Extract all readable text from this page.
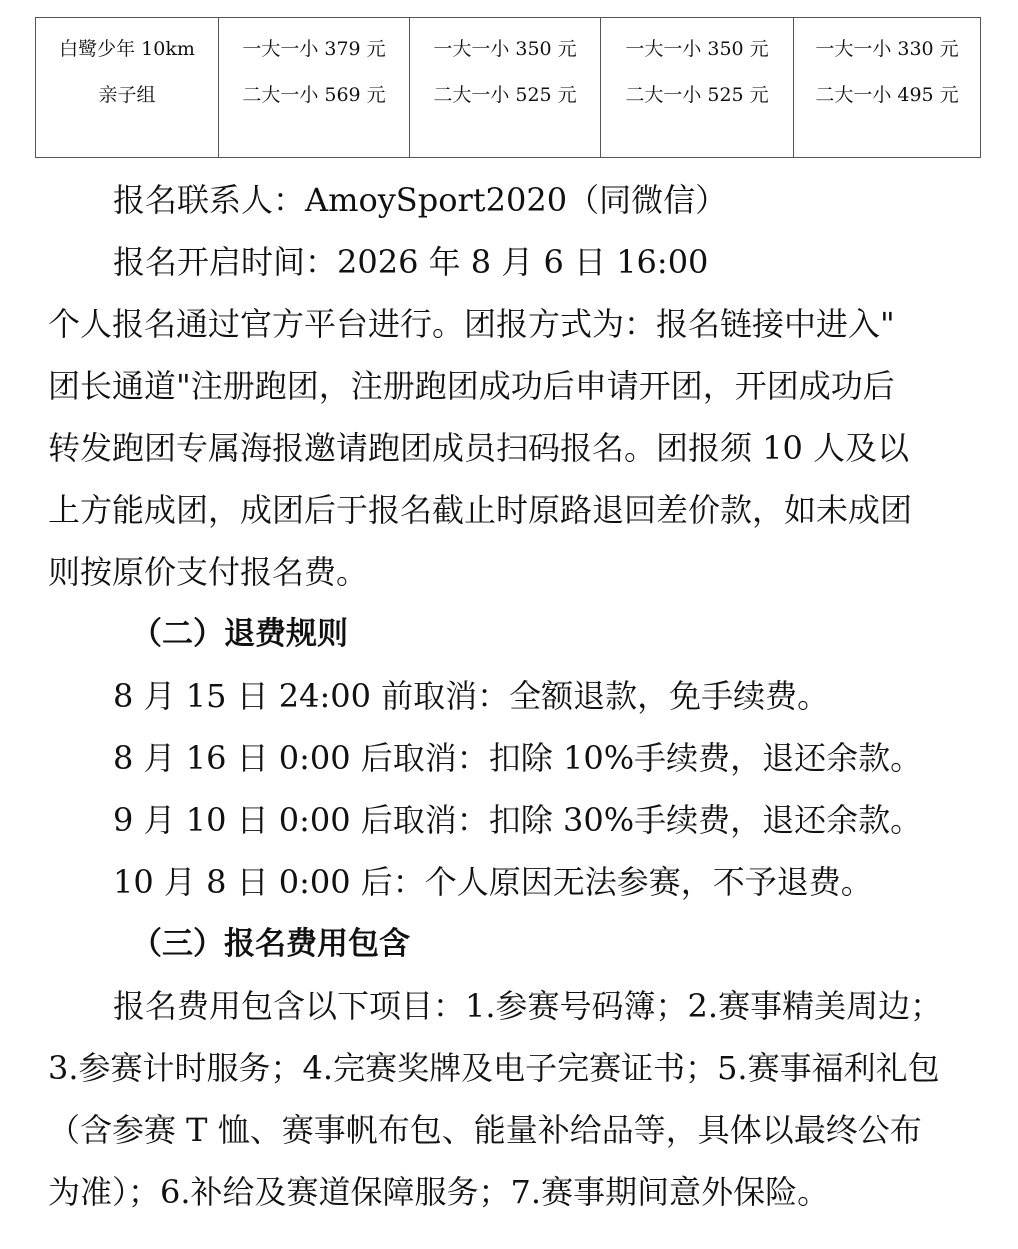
白鹭少年 10km
亲子组

一大一小 379 元
二大一小 569 元

一大一小 350 元
二大一小 525 元

一大一小 350 元
二大一小 525 元

一大一小 330 元
二大一小 495 元
报名联系人：AmoySport2020（同微信）
报名开启时间：2026 年 8 月 6 日 16:00
个人报名通过官方平台进行。团报方式为：报名链接中进入"
团长通道"注册跑团，注册跑团成功后申请开团，开团成功后
转发跑团专属海报邀请跑团成员扫码报名。团报须 10 人及以
上方能成团，成团后于报名截止时原路退回差价款，如未成团
则按原价支付报名费。
（二）退费规则
8 月 15 日 24:00 前取消：全额退款，免手续费。
8 月 16 日 0:00 后取消：扣除 10%手续费，退还余款。
9 月 10 日 0:00 后取消：扣除 30%手续费，退还余款。
10 月 8 日 0:00 后：个人原因无法参赛，不予退费。
（三）报名费用包含
报名费用包含以下项目：1.参赛号码簿；2.赛事精美周边；
3.参赛计时服务；4.完赛奖牌及电子完赛证书；5.赛事福利礼包
（含参赛 T 恤、赛事帆布包、能量补给品等，具体以最终公布
为准）；6.补给及赛道保障服务；7.赛事期间意外保险。
